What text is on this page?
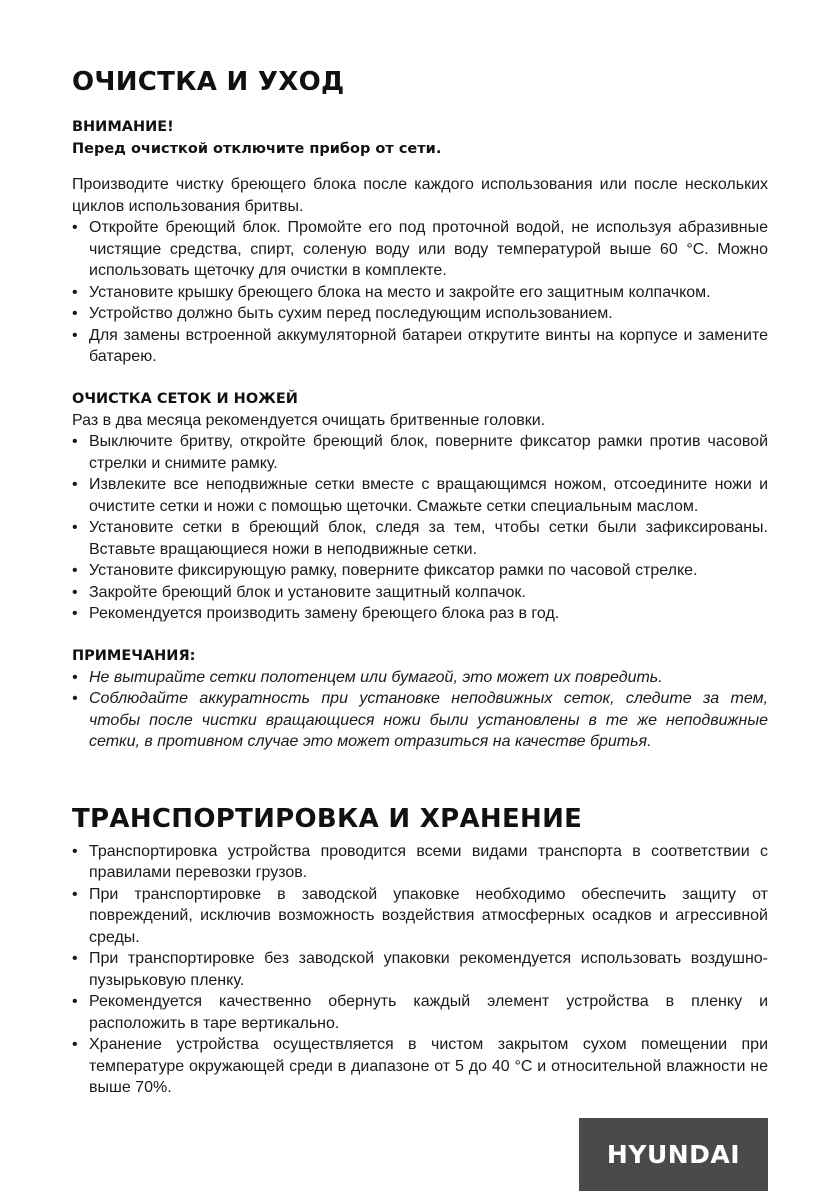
ОЧИСТКА И УХОД
ВНИМАНИЕ!
Перед очисткой отключите прибор от сети.

Производите чистку бреющего блока после каждого использования или после нескольких циклов использования бритвы.

• Откройте бреющий блок. Промойте его под проточной водой, не используя абразивные чистящие средства, спирт, соленую воду или воду температурой выше 60 °С. Можно использовать щеточку для очистки в комплекте.
• Установите крышку бреющего блока на место и закройте его защитным колпачком.
• Устройство должно быть сухим перед последующим использованием.
• Для замены встроенной аккумуляторной батареи открутите винты на корпусе и замените батарею.
ОЧИСТКА СЕТОК И НОЖЕЙ

Раз в два месяца рекомендуется очищать бритвенные головки.

• Выключите бритву, откройте бреющий блок, поверните фиксатор рамки против часовой стрелки и снимите рамку.
• Извлеките все неподвижные сетки вместе с вращающимся ножом, отсоедините ножи и очистите сетки и ножи с помощью щеточки. Смажьте сетки специальным маслом.
• Установите сетки в бреющий блок, следя за тем, чтобы сетки были зафиксированы. Вставьте вращающиеся ножи в неподвижные сетки.
• Установите фиксирующую рамку, поверните фиксатор рамки по часовой стрелке.
• Закройте бреющий блок и установите защитный колпачок.
• Рекомендуется производить замену бреющего блока раз в год.
ПРИМЕЧАНИЯ:
• Не вытирайте сетки полотенцем или бумагой, это может их повредить.
• Соблюдайте аккуратность при установке неподвижных сеток, следите за тем, чтобы после чистки вращающиеся ножи были установлены в те же неподвижные сетки, в противном случае это может отразиться на качестве бритья.
ТРАНСПОРТИРОВКА И ХРАНЕНИЕ
• Транспортировка устройства проводится всеми видами транспорта в соответствии с правилами перевозки грузов.
• При транспортировке в заводской упаковке необходимо обеспечить защиту от повреждений, исключив возможность воздействия атмосферных осадков и агрессивной среды.
• При транспортировке без заводской упаковки рекомендуется использовать воздушно-пузырьковую пленку.
• Рекомендуется качественно обернуть каждый элемент устройства в пленку и расположить в таре вертикально.
• Хранение устройства осуществляется в чистом закрытом сухом помещении при температуре окружающей среди в диапазоне от 5 до 40 °С и относительной влажности не выше 70%.
HYUNDAI
